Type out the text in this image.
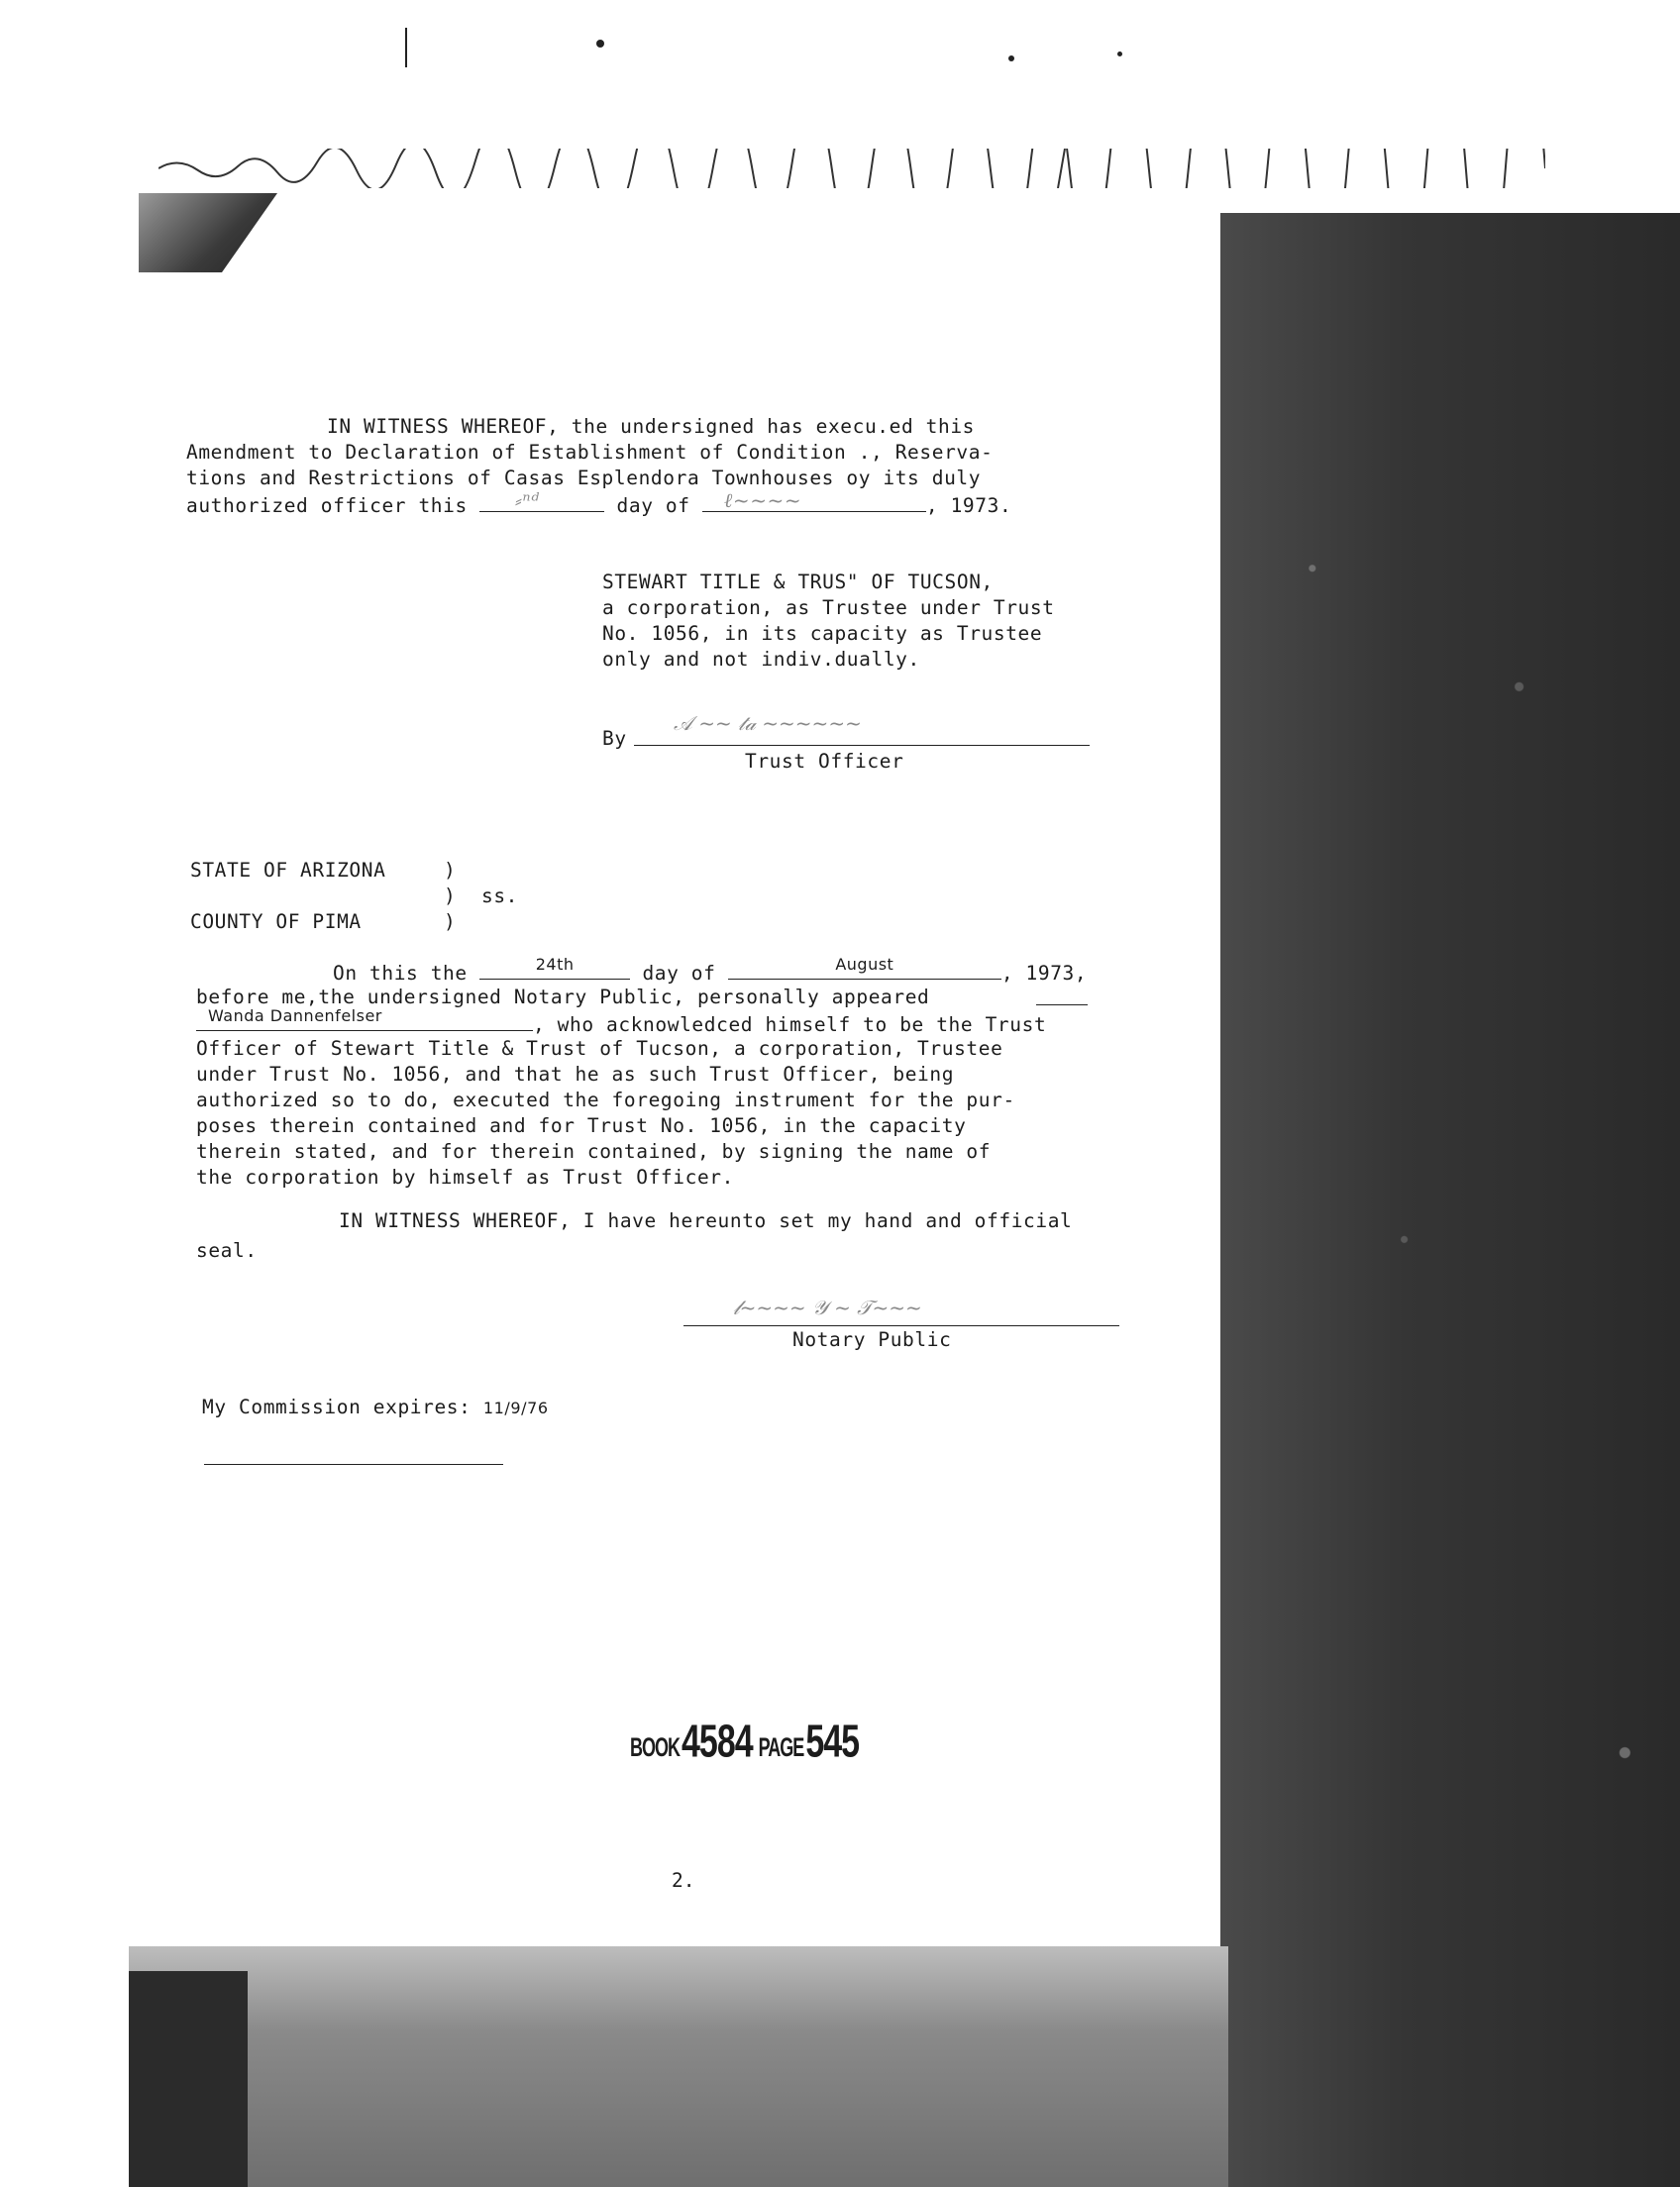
IN WITNESS WHEREOF, the undersigned has execu.ed this
Amendment to Declaration of Establishment of Condition ., Reserva-
tions and Restrictions of Casas Esplendora Townhouses oy its duly
authorized officer this ⸗ⁿᵈ	day of ℓ~~~~	, 1973.
STEWART TITLE & TRUS" OF TUCSON,
a corporation, as Trustee under Trust
No. 1056, in its capacity as Trustee
only and not indiv.dually.
By
𝒜 ~~ 𝓉𝒶 ~~~~~~
Trust Officer
STATE OF ARIZONA	)
) ss.
COUNTY OF PIMA	)
On this the	24th	day of	August	, 1973,
before me,the undersigned Notary Public, personally appeared
Wanda Dannenfelser	, who acknowledced himself to be the Trust
Officer of Stewart Title & Trust of Tucson, a corporation, Trustee
under Trust No. 1056, and that he as such Trust Officer, being
authorized so to do, executed the foregoing instrument for the pur-
poses therein contained and for Trust No. 1056, in the capacity
therein stated, and for therein contained, by signing the name of
the corporation by himself as Trust Officer.
IN WITNESS WHEREOF, I have hereunto set my hand and official
seal.
𝓁~~~~ 𝒴 ~ 𝒯~~~
Notary Public
My Commission expires: 11/9/76
BOOK 4584 PAGE 545
2.
